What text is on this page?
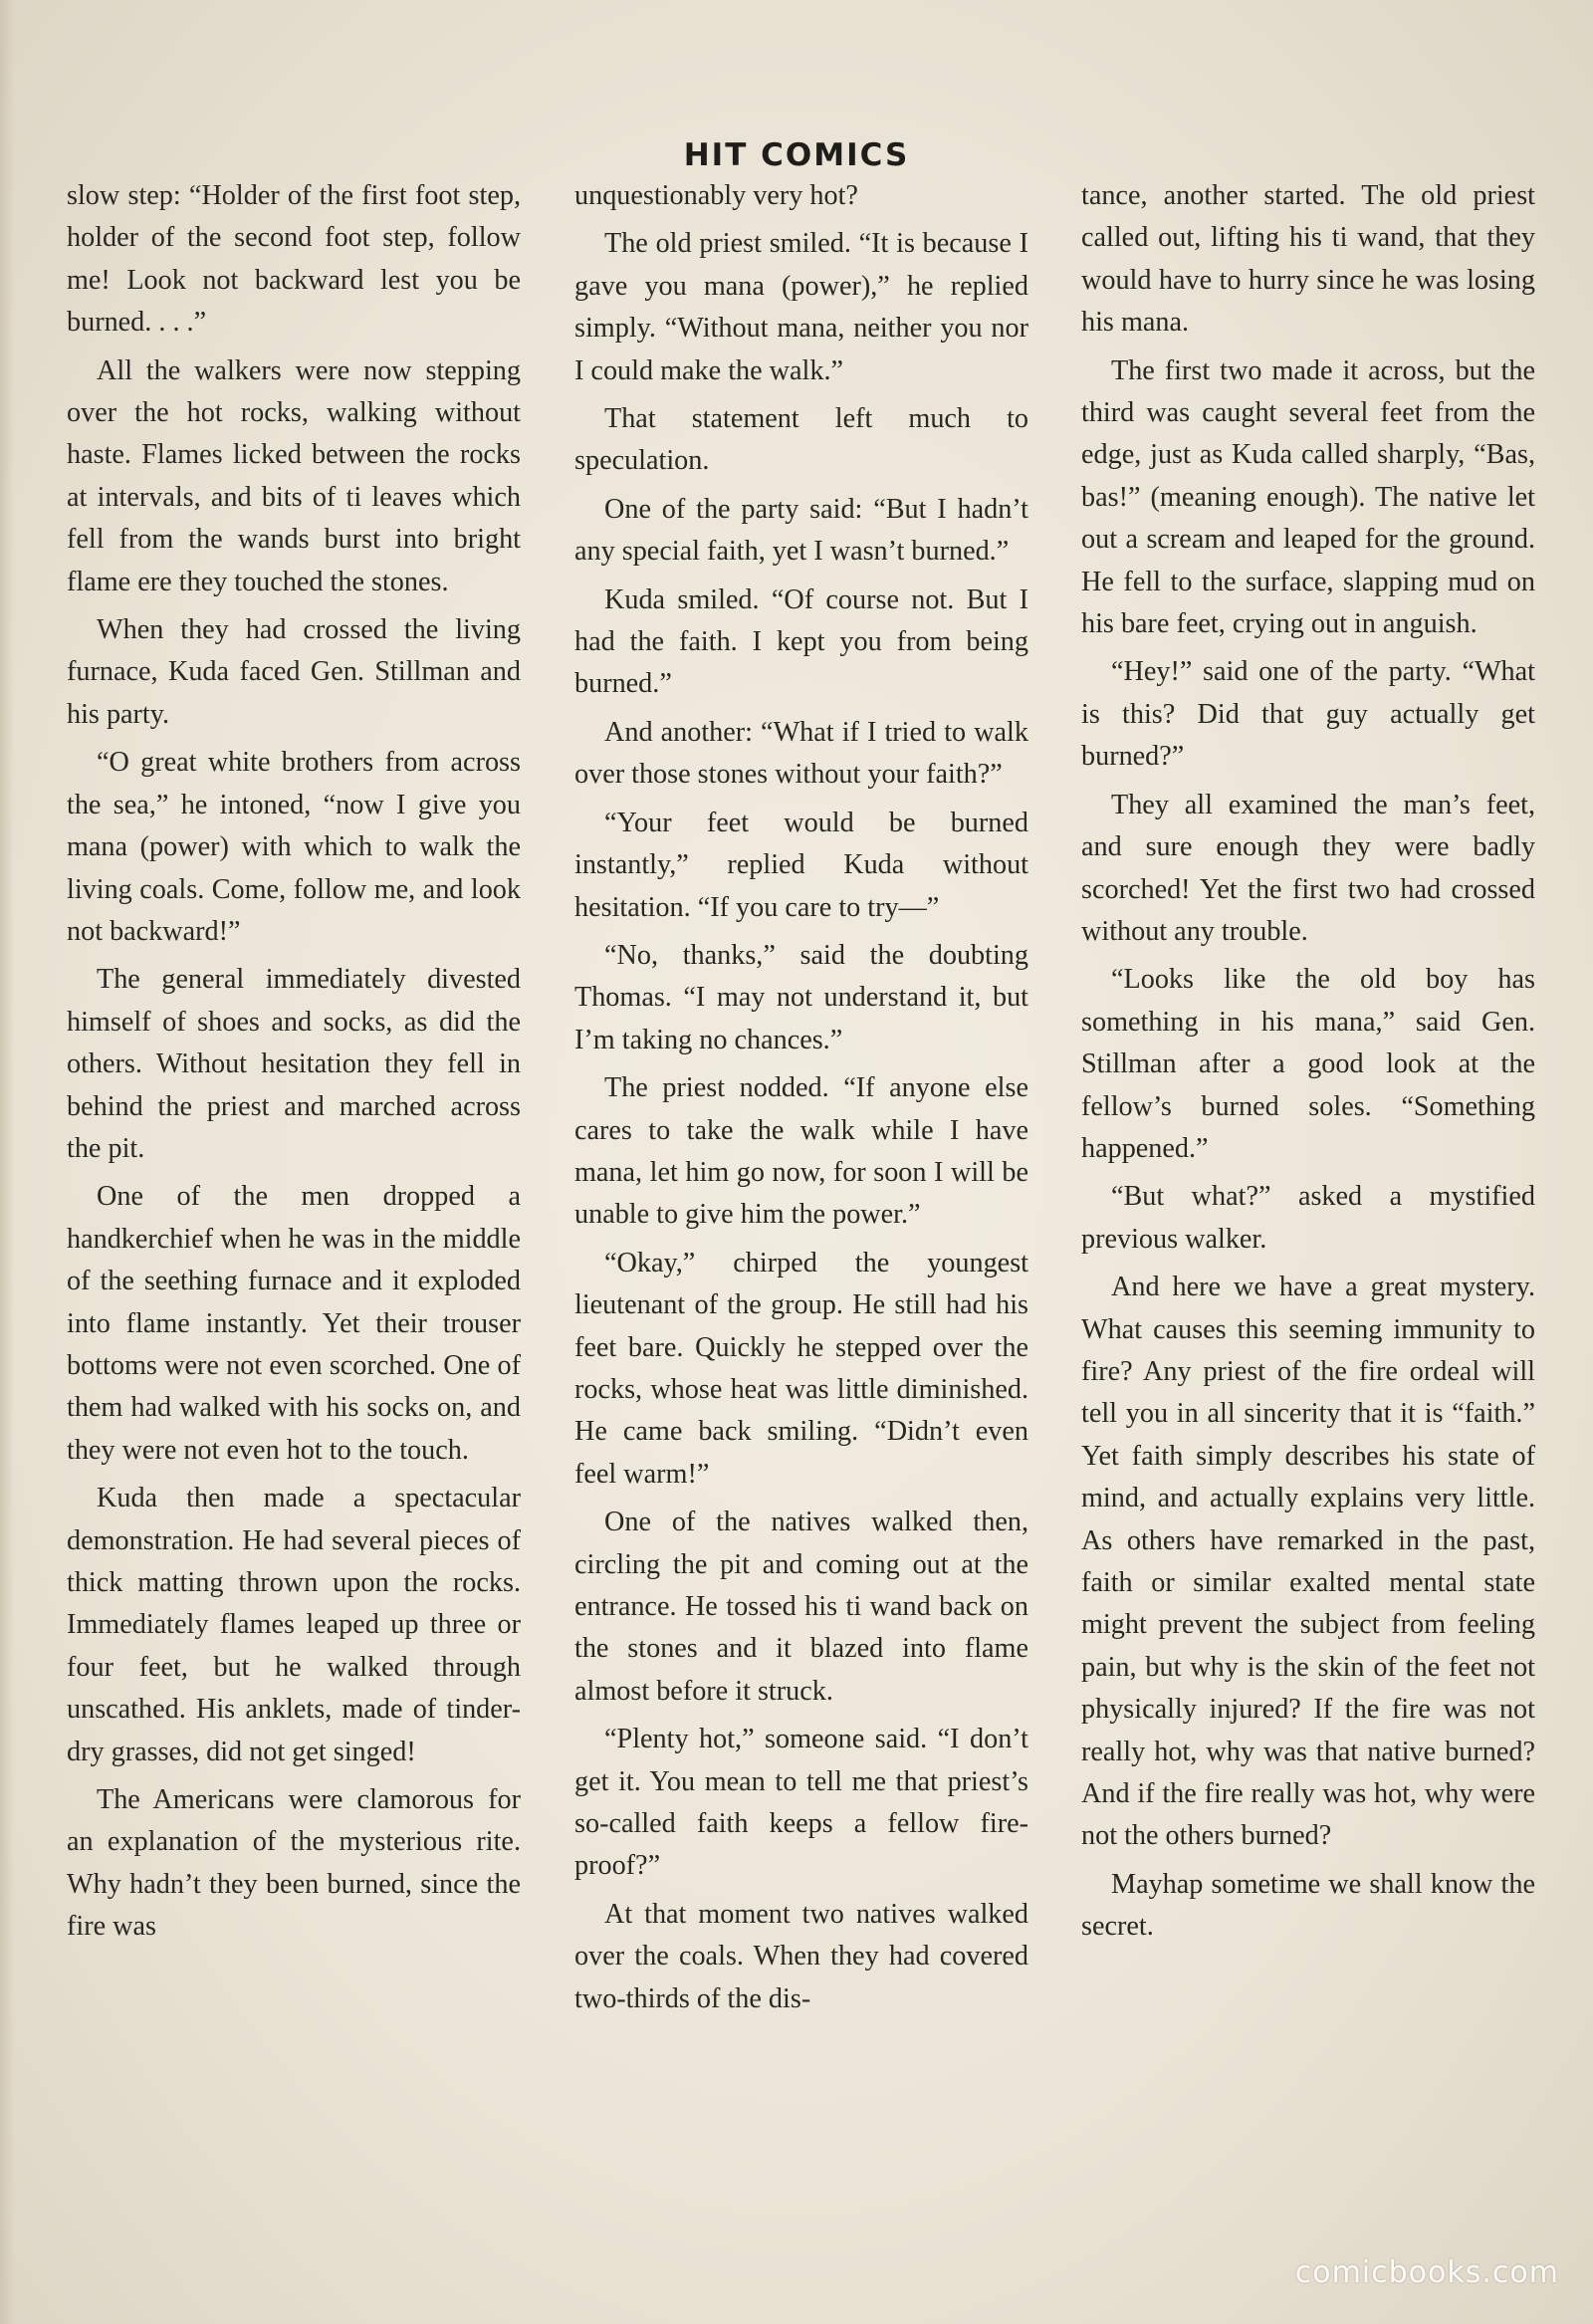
HIT COMICS

slow step: “Holder of the first foot step, holder of the second foot step, follow me! Look not backward lest you be burned. . . .”

All the walkers were now stepping over the hot rocks, walking without haste. Flames licked between the rocks at intervals, and bits of ti leaves which fell from the wands burst into bright flame ere they touched the stones.

When they had crossed the living furnace, Kuda faced Gen. Stillman and his party.

“O great white brothers from across the sea,” he intoned, “now I give you mana (power) with which to walk the living coals. Come, follow me, and look not backward!”

The general immediately divested himself of shoes and socks, as did the others. Without hesitation they fell in behind the priest and marched across the pit.

One of the men dropped a handkerchief when he was in the middle of the seething furnace and it exploded into flame instantly. Yet their trouser bottoms were not even scorched. One of them had walked with his socks on, and they were not even hot to the touch.

Kuda then made a spectacular demonstration. He had several pieces of thick matting thrown upon the rocks. Immediately flames leaped up three or four feet, but he walked through unscathed. His anklets, made of tinder-dry grasses, did not get singed!

The Americans were clamorous for an explanation of the mysterious rite. Why hadn’t they been burned, since the fire was

unquestionably very hot?

The old priest smiled. “It is because I gave you mana (power),” he replied simply. “Without mana, neither you nor I could make the walk.”

That statement left much to speculation.

One of the party said: “But I hadn’t any special faith, yet I wasn’t burned.”

Kuda smiled. “Of course not. But I had the faith. I kept you from being burned.”

And another: “What if I tried to walk over those stones without your faith?”

“Your feet would be burned instantly,” replied Kuda without hesitation. “If you care to try—”

“No, thanks,” said the doubting Thomas. “I may not understand it, but I’m taking no chances.”

The priest nodded. “If anyone else cares to take the walk while I have mana, let him go now, for soon I will be unable to give him the power.”

“Okay,” chirped the youngest lieutenant of the group. He still had his feet bare. Quickly he stepped over the rocks, whose heat was little diminished. He came back smiling. “Didn’t even feel warm!”

One of the natives walked then, circling the pit and coming out at the entrance. He tossed his ti wand back on the stones and it blazed into flame almost before it struck.

“Plenty hot,” someone said. “I don’t get it. You mean to tell me that priest’s so-called faith keeps a fellow fire-proof?”

At that moment two natives walked over the coals. When they had covered two-thirds of the dis-

tance, another started. The old priest called out, lifting his ti wand, that they would have to hurry since he was losing his mana.

The first two made it across, but the third was caught several feet from the edge, just as Kuda called sharply, “Bas, bas!” (meaning enough). The native let out a scream and leaped for the ground. He fell to the surface, slapping mud on his bare feet, crying out in anguish.

“Hey!” said one of the party. “What is this? Did that guy actually get burned?”

They all examined the man’s feet, and sure enough they were badly scorched! Yet the first two had crossed without any trouble.

“Looks like the old boy has something in his mana,” said Gen. Stillman after a good look at the fellow’s burned soles. “Something happened.”

“But what?” asked a mystified previous walker.

And here we have a great mystery. What causes this seeming immunity to fire? Any priest of the fire ordeal will tell you in all sincerity that it is “faith.” Yet faith simply describes his state of mind, and actually explains very little. As others have remarked in the past, faith or similar exalted mental state might prevent the subject from feeling pain, but why is the skin of the feet not physically injured? If the fire was not really hot, why was that native burned? And if the fire really was hot, why were not the others burned?

Mayhap sometime we shall know the secret.

comicbooks.com
